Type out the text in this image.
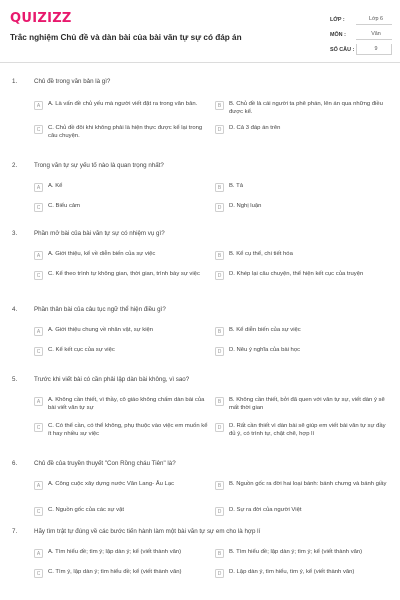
QUIZIZZ
Trắc nghiệm Chủ đề và dàn bài của bài văn tự sự có đáp án
LỚP :	Lớp 6
MÔN :	Văn
SỐ CÂU :	9
1.	Chủ đề trong văn bản là gì?
A	A. Là vấn đề chủ yếu mà người viết đặt ra trong văn bản.	B	B. Chủ đề là cái người ta phê phán, lên án qua những điều được kể.
C	C. Chủ đề đôi khi không phải là hiện thực được kể lại trong câu chuyện.
D	D. Cả 3 đáp án trên
2.	Trong văn tự sự yếu tố nào là quan trọng nhất?
A	A. Kể	B	B. Tả
C	C. Biểu cảm	D	D. Nghị luận
3.	Phần mở bài của bài văn tự sự có nhiệm vụ gì?
A	A. Giới thiệu, kể về diễn biến của sự việc	B	B. Kể cụ thể, chi tiết hóa
C	C. Kể theo trình tự không gian, thời gian, trình bày sự việc	D	D. Khép lại câu chuyện, thể hiện kết cục của truyện
4.	Phần thân bài của câu tục ngữ thể hiện điều gì?
A	A. Giới thiệu chung về nhân vật, sự kiện	B	B. Kể diễn biến của sự việc
C	C. Kể kết cục của sự việc	D	D. Nêu ý nghĩa của bài học
5.	Trước khi viết bài có cần phải lập dàn bài không, vì sao?
A	A. Không cần thiết, vì thầy, cô giáo không chấm dàn bài của bài viết văn tự sự
B	B. Không cần thiết, bởi đã quen với văn tự sự, viết dàn ý sẽ mất thời gian
C	C. Có thể cần, có thể không, phụ thuộc vào việc em muốn kể ít hay nhiều sự việc
D	D. Rất cần thiết vì dàn bài sẽ giúp em viết bài văn tự sự đầy đủ ý, có trình tự, chặt chẽ, hợp lí
6.	Chủ đề của truyền thuyết "Con Rồng cháu Tiên" là?
A	A. Công cuộc xây dựng nước Văn Lang- Âu Lạc	B	B. Nguồn gốc ra đời hai loại bánh: bánh chưng và bánh giầy
C	C. Nguồn gốc của các sự vật	D	D. Sự ra đời của người Việt
7.	Hãy tìm trật tự đúng về các bước tiến hành làm một bài văn tự sự em cho là hợp lí
A	A. Tìm hiểu đề; tìm ý; lập dàn ý; kể (viết thành văn)	B	B. Tìm hiểu đề; lập dàn ý; tìm ý; kể (viết thành văn)
C	C. Tìm ý, lập dàn ý; tìm hiểu đề; kể (viết thành văn)	D	D. Lập dàn ý, tìm hiểu, tìm ý, kể (viết thành văn)
